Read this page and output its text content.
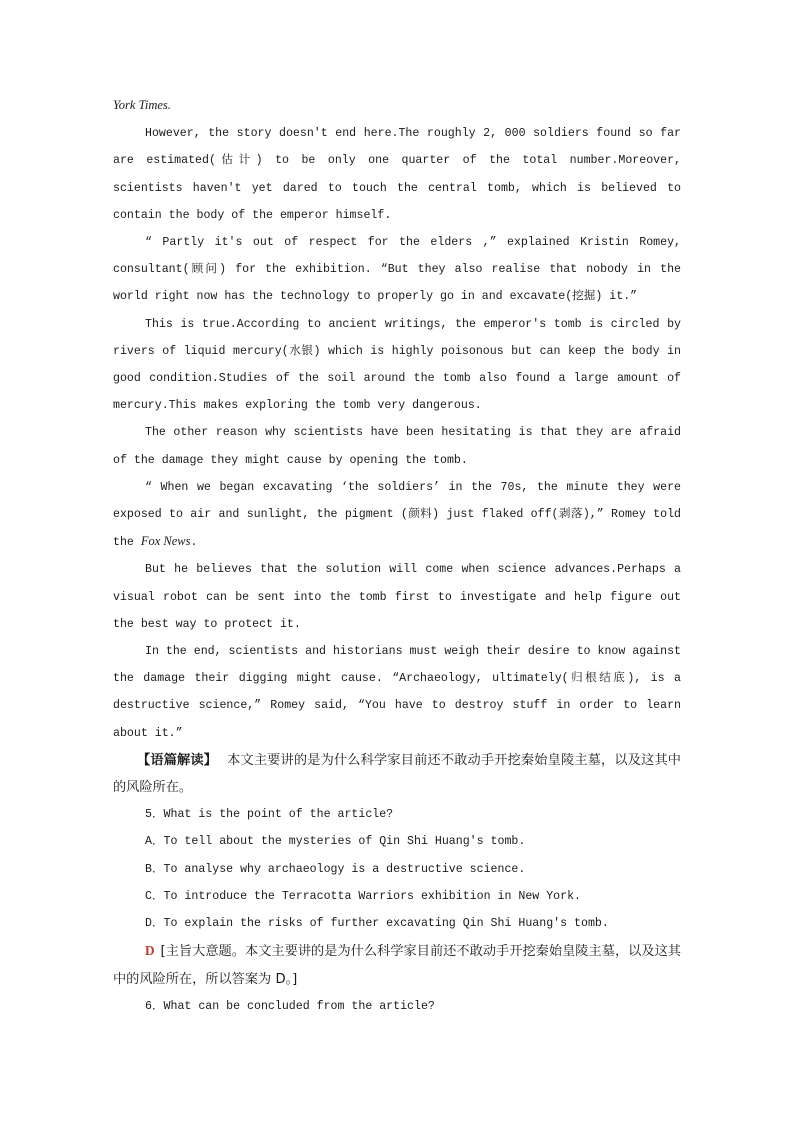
York Times.

However, the story doesn't end here.The roughly 2, 000 soldiers found so far are estimated(估计) to be only one quarter of the total number.Moreover, scientists haven't yet dared to touch the central tomb, which is believed to contain the body of the emperor himself.

“ Partly it's out of respect for the elders ,” explained Kristin Romey, consultant(顾问) for the exhibition. “But they also realise that nobody in the world right now has the technology to properly go in and excavate(挖掘) it.”

This is true.According to ancient writings, the emperor's tomb is circled by rivers of liquid mercury(水银) which is highly poisonous but can keep the body in good condition.Studies of the soil around the tomb also found a large amount of mercury.This makes exploring the tomb very dangerous.

The other reason why scientists have been hesitating is that they are afraid of the damage they might cause by opening the tomb.

“ When we began excavating ‘the soldiers’ in the 70s, the minute they were exposed to air and sunlight, the pigment (颜料) just flaked off(剥落),” Romey told the Fox News.

But he believes that the solution will come when science advances.Perhaps a visual robot can be sent into the tomb first to investigate and help figure out the best way to protect it.

In the end, scientists and historians must weigh their desire to know against the damage their digging might cause. “Archaeology, ultimately(归根结底), is a destructive science,” Romey said, “You have to destroy stuff in order to learn about it.”

【语篇解读】 本文主要讲的是为什么科学家目前还不敢动手开挖秦始皇陵主墓，以及这其中的风险所在。

5．What is the point of the article?

A．To tell about the mysteries of Qin Shi Huang's tomb.

B．To analyse why archaeology is a destructive science.

C．To introduce the Terracotta Warriors exhibition in New York.

D．To explain the risks of further excavating Qin Shi Huang's tomb.

D [主旨大意题。本文主要讲的是为什么科学家目前还不敢动手开挖秦始皇陵主墓，以及这其中的风险所在，所以答案为 D。]

6．What can be concluded from the article?
